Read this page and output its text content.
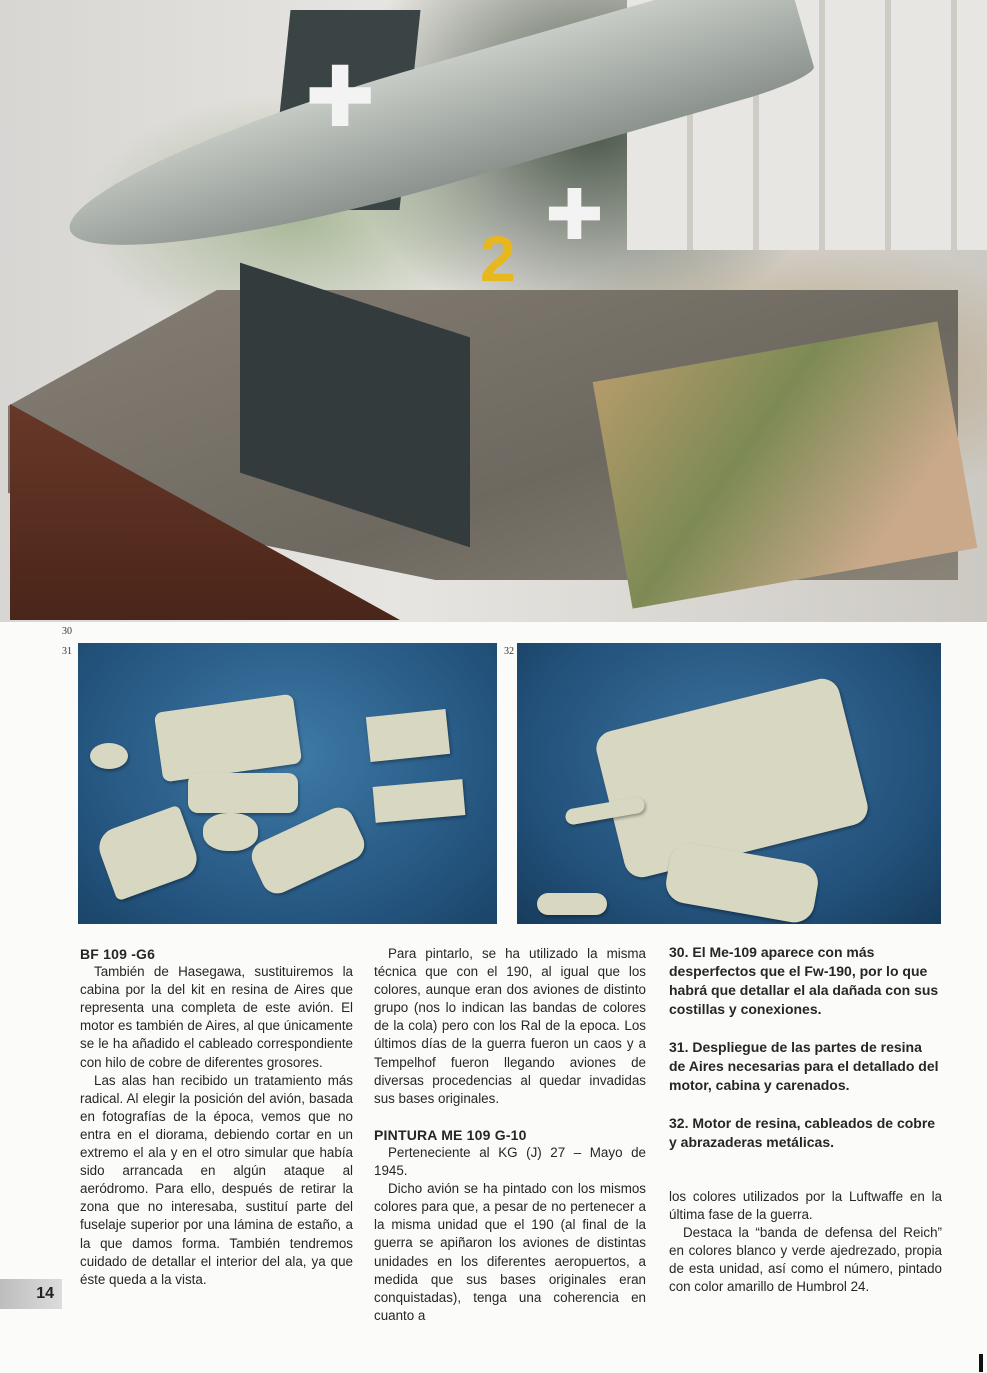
✚
✚
2
30
31	32
BF 109 -G6

También de Hasegawa, sustituiremos la cabina por la del kit en resina de Aires que representa una completa de este avión. El motor es también de Aires, al que únicamente se le ha añadido el cableado correspondiente con hilo de cobre de diferentes grosores.

Las alas han recibido un tratamiento más radical. Al elegir la posición del avión, basada en fotografías de la época, vemos que no entra en el diorama, debiendo cortar en un extremo el ala y en el otro simular que había sido arrancada en algún ataque al aeródromo. Para ello, después de retirar la zona que no interesaba, sustituí parte del fuselaje superior por una lámina de estaño, a la que damos forma. También tendremos cuidado de detallar el interior del ala, ya que éste queda a la vista.

Para pintarlo, se ha utilizado la misma técnica que con el 190, al igual que los colores, aunque eran dos aviones de distinto grupo (nos lo indican las bandas de colores de la cola) pero con los Ral de la epoca. Los últimos días de la guerra fueron un caos y a Tempelhof fueron llegando aviones de diversas procedencias al quedar invadidas sus bases originales.

PINTURA ME 109 G-10

Perteneciente al KG (J) 27 – Mayo de 1945.

Dicho avión se ha pintado con los mismos colores para que, a pesar de no pertenecer a la misma unidad que el 190 (al final de la guerra se apiñaron los aviones de distintas unidades en los diferentes aeropuertos, a medida que sus bases originales eran conquistadas), tenga una coherencia en cuanto a

30. El Me-109 aparece con más desperfectos que el Fw-190, por lo que habrá que detallar el ala dañada con sus costillas y conexiones.

31. Despliegue de las partes de resina de Aires necesarias para el detallado del motor, cabina y carenados.

32. Motor de resina, cableados de cobre y abrazaderas metálicas.

los colores utilizados por la Luftwaffe en la última fase de la guerra.

Destaca la “banda de defensa del Reich” en colores blanco y verde ajedrezado, propia de esta unidad, así como el número, pintado con color amarillo de Humbrol 24.

14
